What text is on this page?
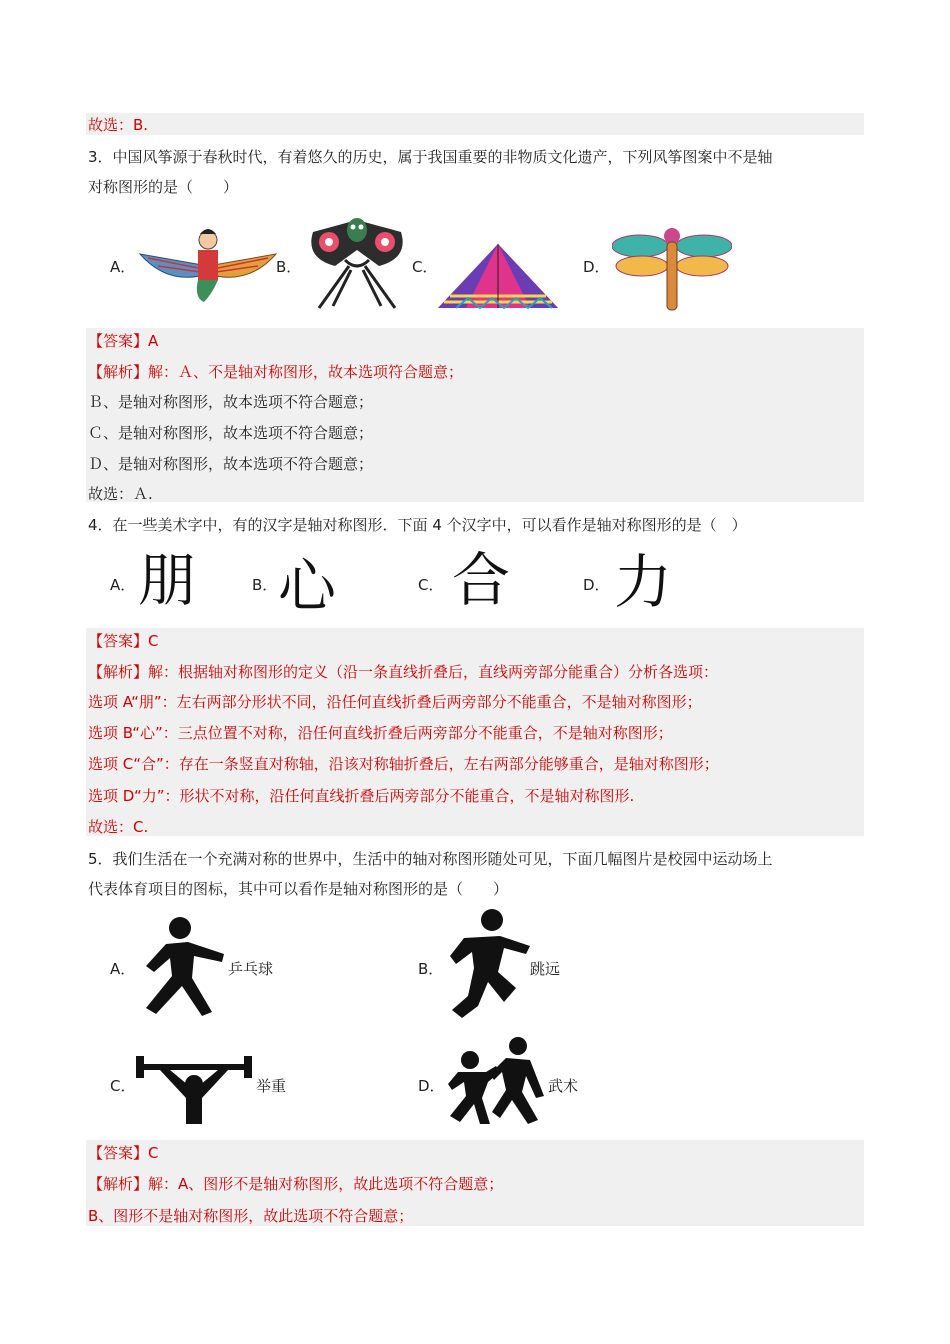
故选：B.
3．中国风筝源于春秋时代，有着悠久的历史，属于我国重要的非物质文化遗产，下列风筝图案中不是轴
对称图形的是（　　）
A．	B．	C．	D．
【答案】A
【解析】解：Ａ、不是轴对称图形，故本选项符合题意；
Ｂ、是轴对称图形，故本选项不符合题意；
Ｃ、是轴对称图形，故本选项不符合题意；
Ｄ、是轴对称图形，故本选项不符合题意；
故选：Ａ.
4．在一些美术字中，有的汉字是轴对称图形．下面 4 个汉字中，可以看作是轴对称图形的是（　）
A． 朋	B． 心	C． 合	D． 力
【答案】C
【解析】解：根据轴对称图形的定义（沿一条直线折叠后，直线两旁部分能重合）分析各选项：
选项 A“朋”：左右两部分形状不同，沿任何直线折叠后两旁部分不能重合，不是轴对称图形；
选项 B“心”：三点位置不对称，沿任何直线折叠后两旁部分不能重合，不是轴对称图形；
选项 C“合”：存在一条竖直对称轴，沿该对称轴折叠后，左右两部分能够重合，是轴对称图形；
选项 D“力”：形状不对称，沿任何直线折叠后两旁部分不能重合，不是轴对称图形.
故选：C.
5．我们生活在一个充满对称的世界中，生活中的轴对称图形随处可见，下面几幅图片是校园中运动场上
代表体育项目的图标，其中可以看作是轴对称图形的是（　　）
A．	乒乓球	B．	跳远
C．	举重	D．	武术
【答案】C
【解析】解：A、图形不是轴对称图形，故此选项不符合题意；
B、图形不是轴对称图形，故此选项不符合题意；
